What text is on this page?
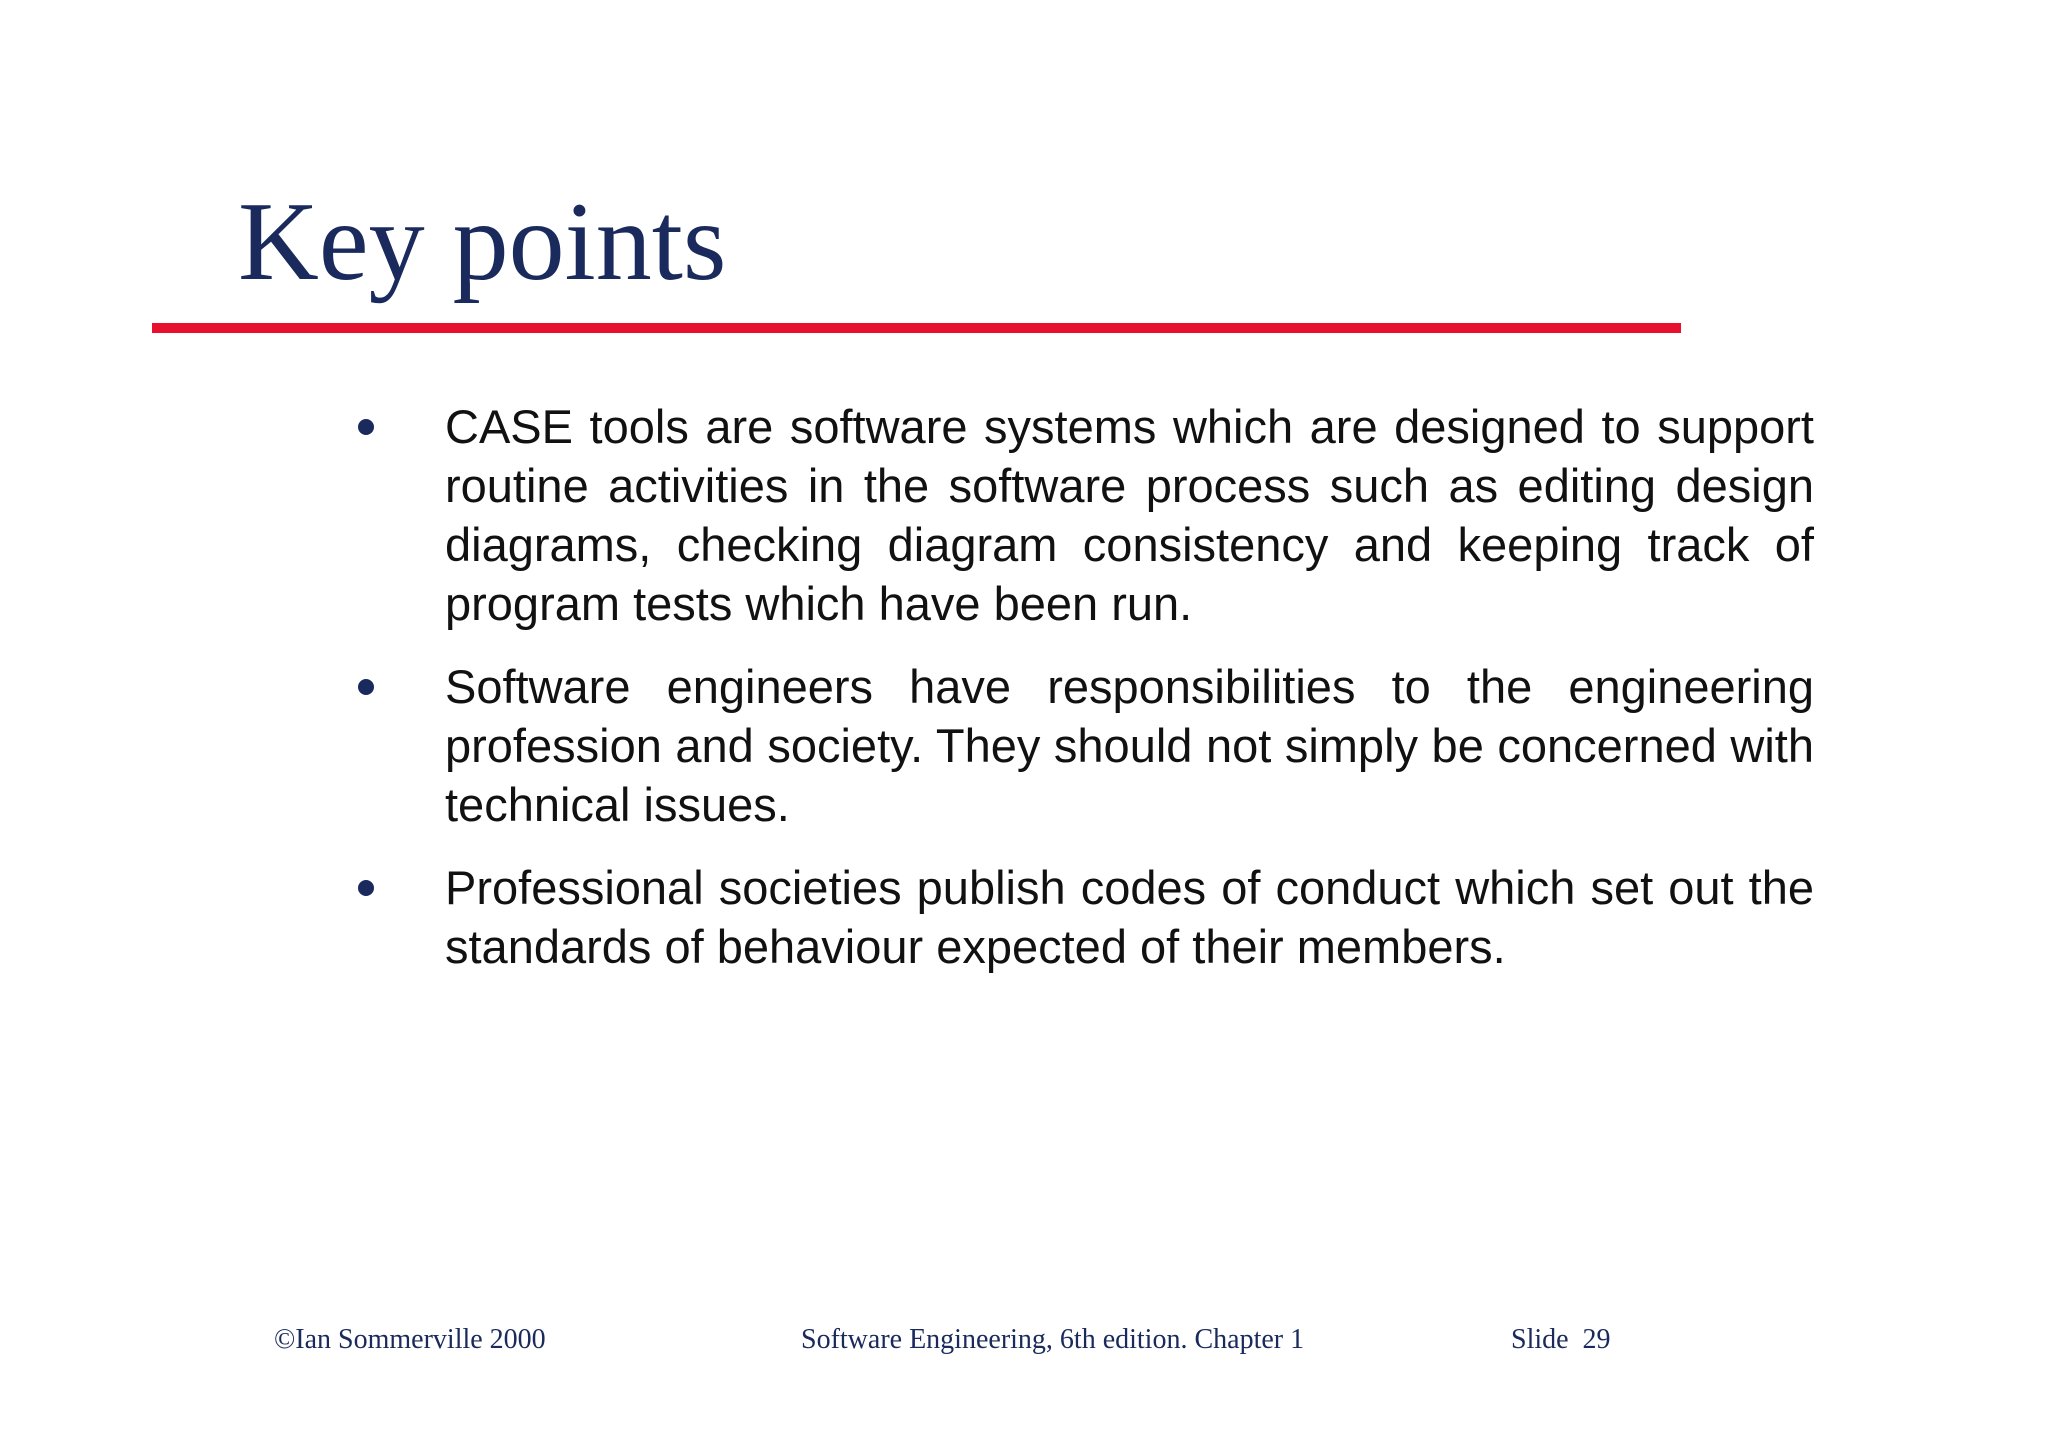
Key points
CASE tools are software systems which are designed to support routine activities in the software process such as editing design diagrams, checking diagram consistency and keeping track of program tests which have been run.
Software engineers have responsibilities to the engineering profession and society. They should not simply be concerned with technical issues.
Professional societies publish codes of conduct which set out the standards of behaviour expected of their members.
©Ian Sommerville 2000	Software Engineering, 6th edition. Chapter 1	Slide  29
